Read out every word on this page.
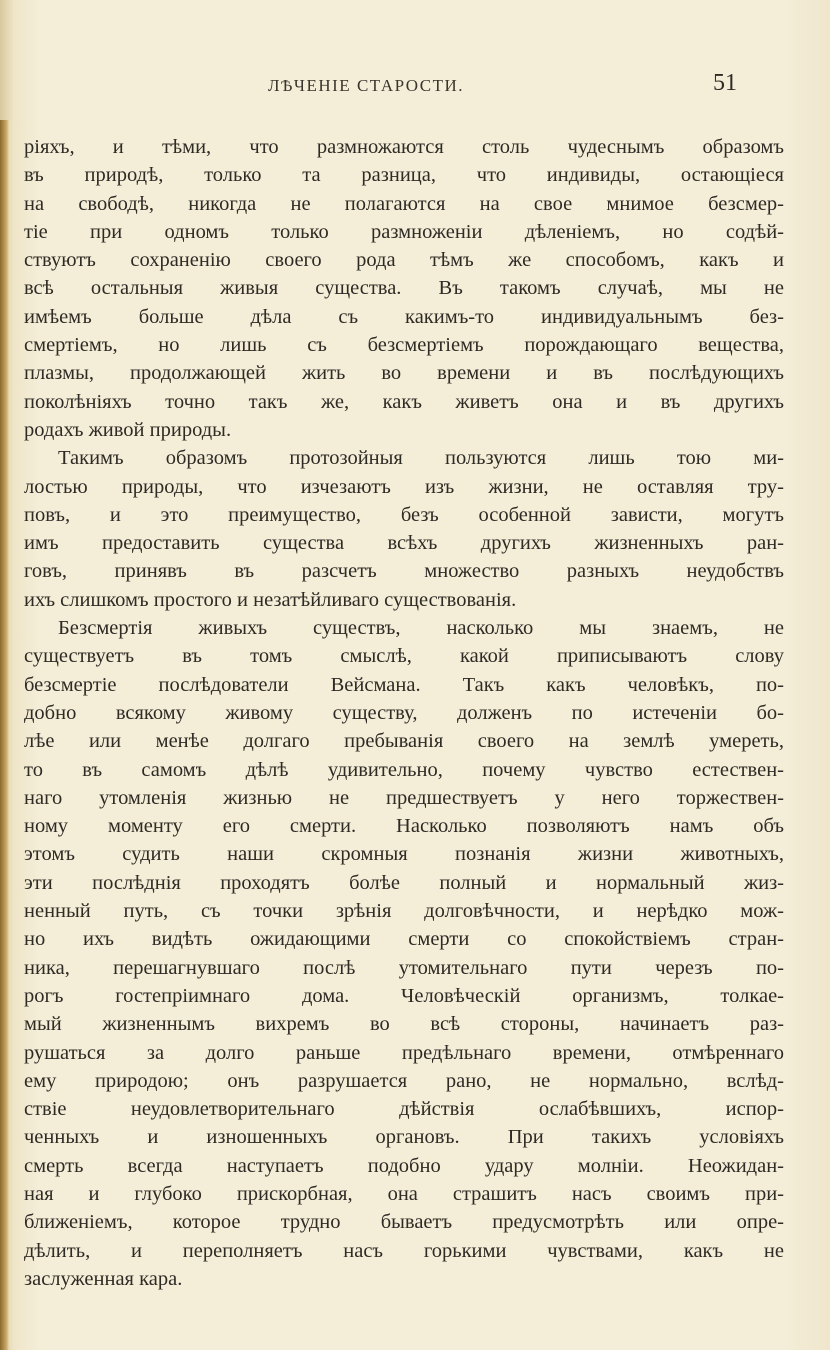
ЛѢЧЕНІЕ СТАРОСТИ.	51
ріяхъ, и тѣми, что размножаются столь чудеснымъ образомъ
въ природѣ, только та разница, что индивиды, остающіеся
на свободѣ, никогда не полагаются на свое мнимое безсмер-
тіе при одномъ только размноженіи дѣленіемъ, но содѣй-
ствуютъ сохраненію своего рода тѣмъ же способомъ, какъ и
всѣ остальныя живыя существа. Въ такомъ случаѣ, мы не
имѣемъ больше дѣла съ какимъ-то индивидуальнымъ без-
смертіемъ, но лишь съ безсмертіемъ порождающаго вещества,
плазмы, продолжающей жить во времени и въ послѣдующихъ
поколѣніяхъ точно такъ же, какъ живетъ она и въ другихъ
родахъ живой природы.
Такимъ образомъ протозойныя пользуются лишь тою ми-
лостью природы, что изчезаютъ изъ жизни, не оставляя тру-
повъ, и это преимущество, безъ особенной зависти, могутъ
имъ предоставить существа всѣхъ другихъ жизненныхъ ран-
говъ, принявъ въ разсчетъ множество разныхъ неудобствъ
ихъ слишкомъ простого и незатѣйливаго существованія.
Безсмертія живыхъ существъ, насколько мы знаемъ, не
существуетъ въ томъ смыслѣ, какой приписываютъ слову
безсмертіе послѣдователи Вейсмана. Такъ какъ человѣкъ, по-
добно всякому живому существу, долженъ по истеченіи бо-
лѣе или менѣе долгаго пребыванія своего на землѣ умереть,
то въ самомъ дѣлѣ удивительно, почему чувство естествен-
наго утомленія жизнью не предшествуетъ у него торжествен-
ному моменту его смерти. Насколько позволяютъ намъ объ
этомъ судить наши скромныя познанія жизни животныхъ,
эти послѣднія проходятъ болѣе полный и нормальный жиз-
ненный путь, съ точки зрѣнія долговѣчности, и нерѣдко мож-
но ихъ видѣть ожидающими смерти со спокойствіемъ стран-
ника, перешагнувшаго послѣ утомительнаго пути черезъ по-
рогъ гостепріимнаго дома. Человѣческій организмъ, толкае-
мый жизненнымъ вихремъ во всѣ стороны, начинаетъ раз-
рушаться за долго раньше предѣльнаго времени, отмѣреннаго
ему природою; онъ разрушается рано, не нормально, вслѣд-
ствіе неудовлетворительнаго дѣйствія ослабѣвшихъ, испор-
ченныхъ и изношенныхъ органовъ. При такихъ условіяхъ
смерть всегда наступаетъ подобно удару молніи. Неожидан-
ная и глубоко прискорбная, она страшитъ насъ своимъ при-
ближеніемъ, которое трудно бываетъ предусмотрѣть или опре-
дѣлить, и переполняетъ насъ горькими чувствами, какъ не
заслуженная кара.
